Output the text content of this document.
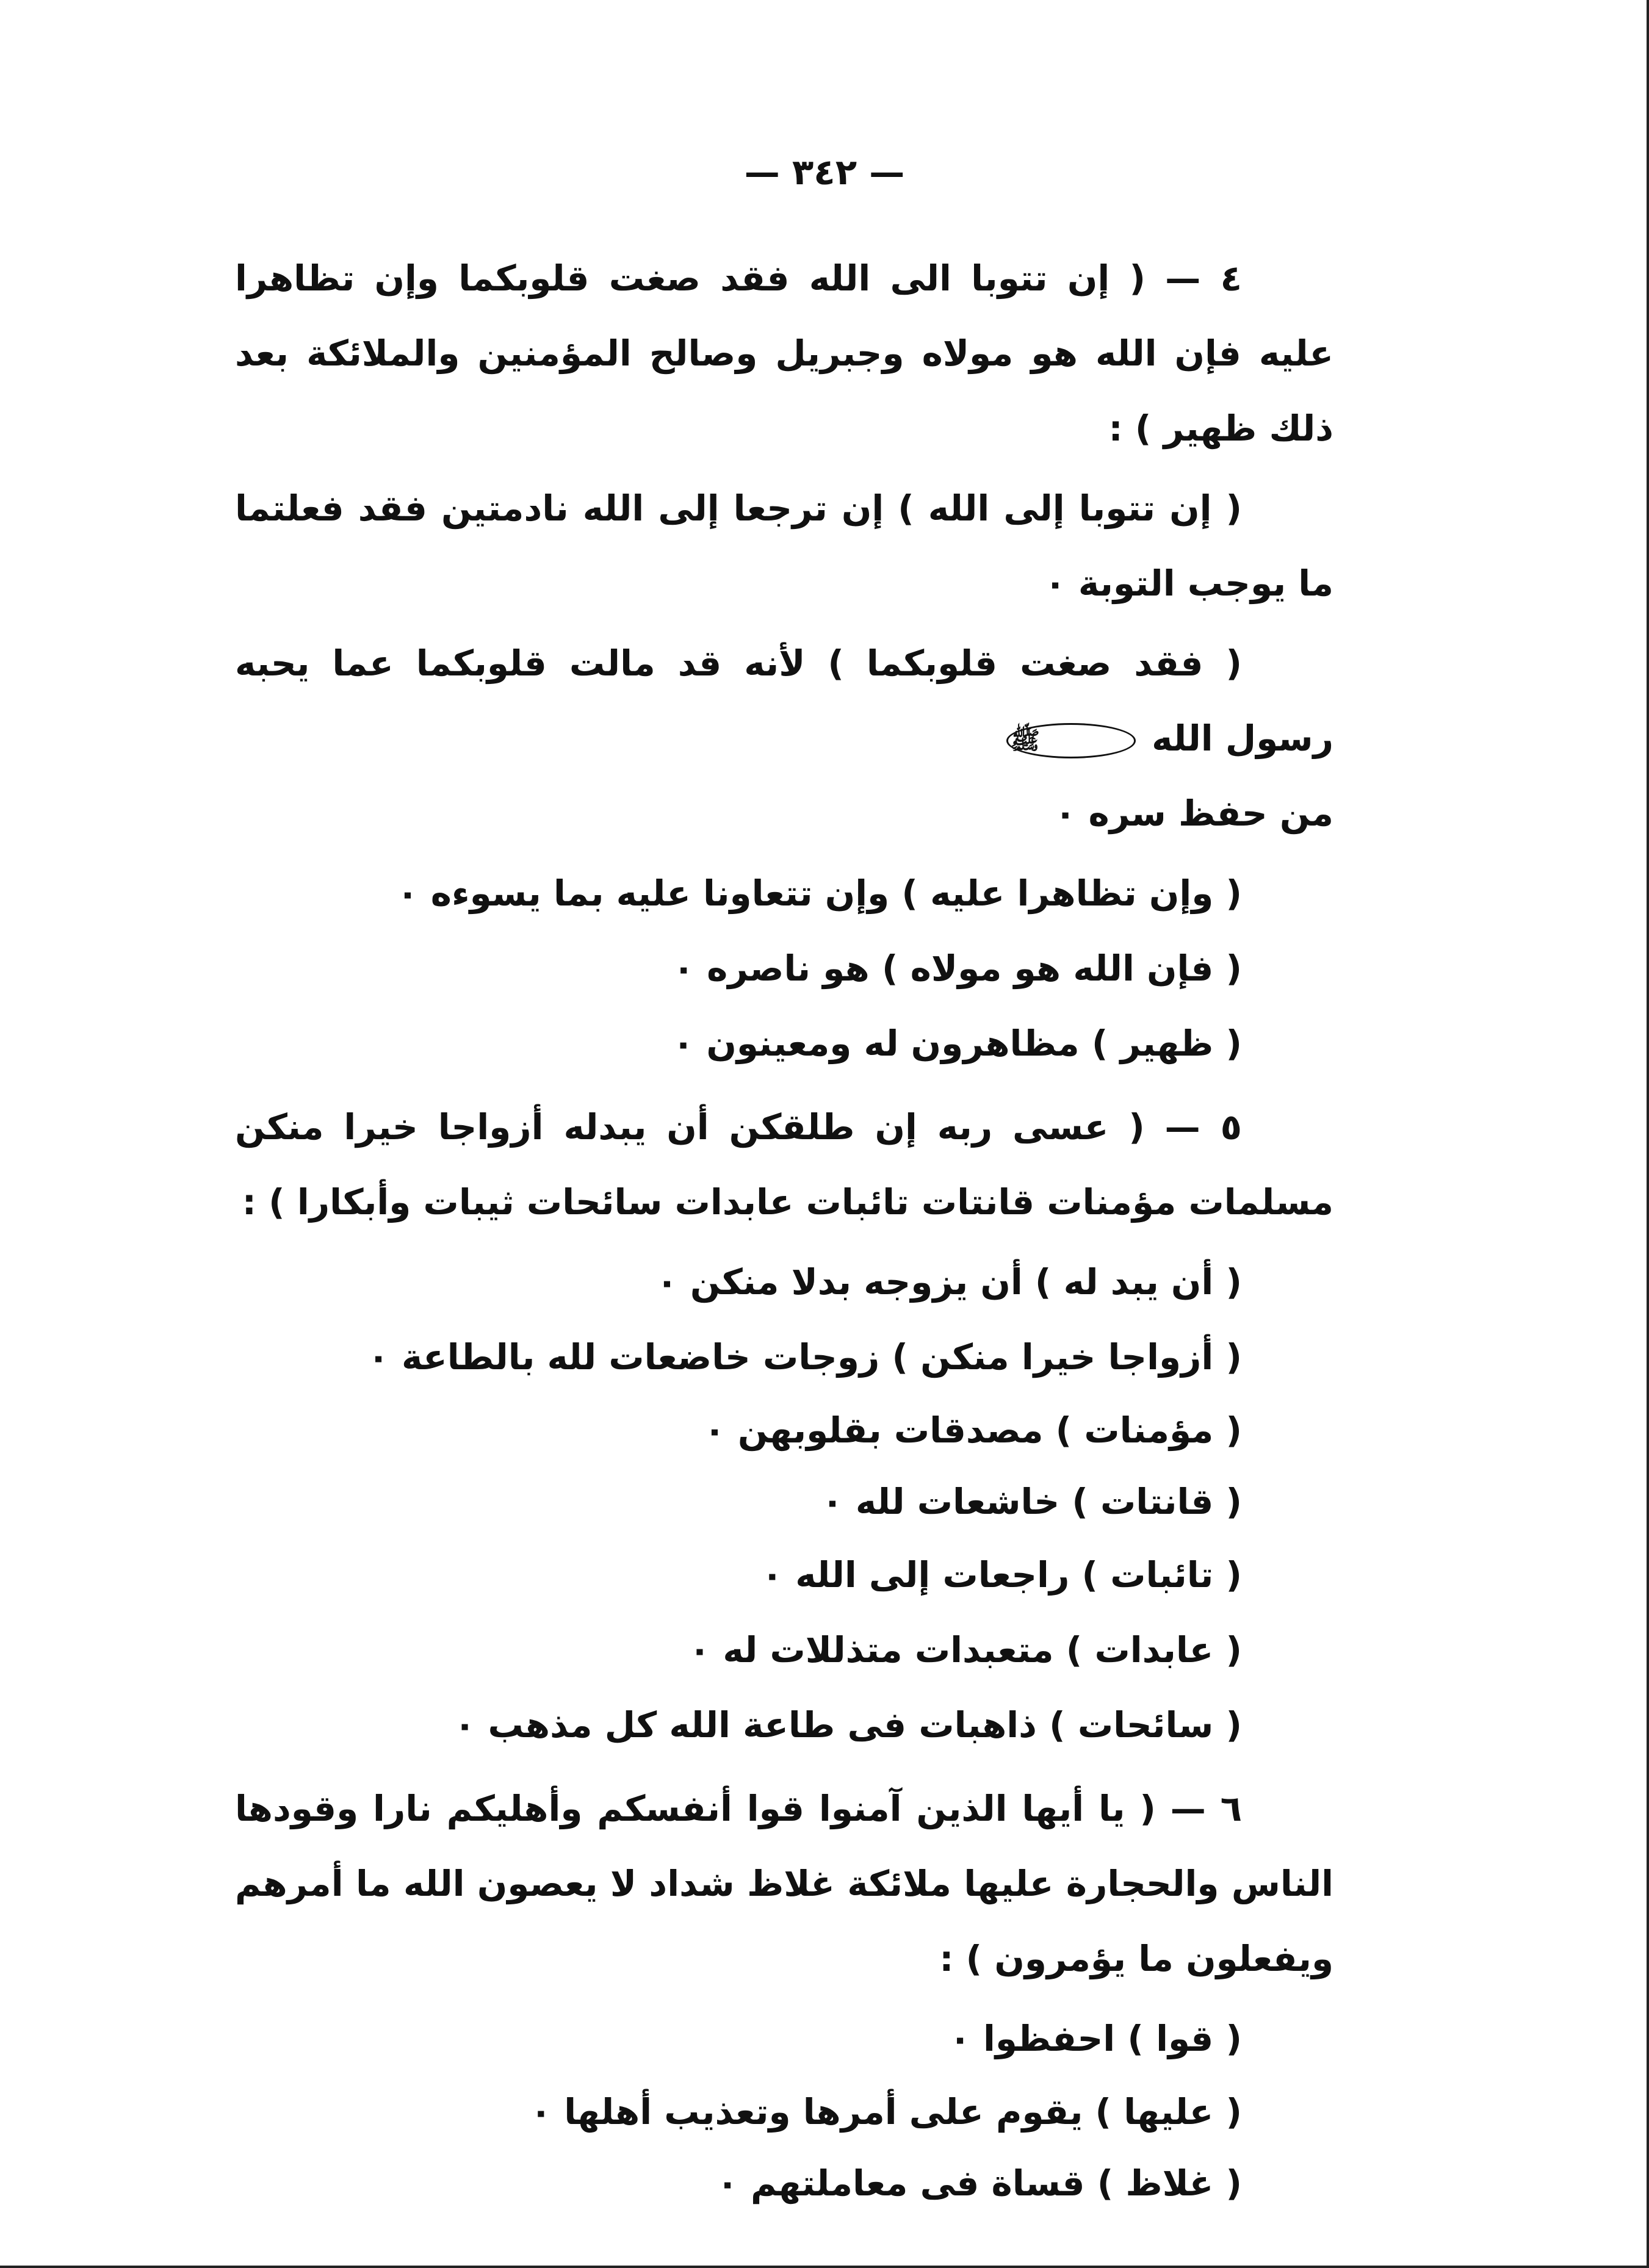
— ٣٤٢ —

٤ — ( إن تتوبا الى الله فقد صغت قلوبكما وإن تظاهرا عليه فإن الله هو مولاه وجبريل وصالح المؤمنين والملائكة بعد ذلك ظهير ) :

( إن تتوبا إلى الله ) إن ترجعا إلى الله نادمتين فقد فعلتما ما يوجب التوبة ٠

( فقد صغت قلوبكما ) لأنه قد مالت قلوبكما عما يحبه رسول الله ﷺ
من حفظ سره ٠

( وإن تظاهرا عليه ) وإن تتعاونا عليه بما يسوءه ٠

( فإن الله هو مولاه ) هو ناصره ٠

( ظهير ) مظاهرون له ومعينون ٠

٥ — ( عسى ربه إن طلقكن أن يبدله أزواجا خيرا منكن مسلمات مؤمنات قانتات تائبات عابدات سائحات ثيبات وأبكارا ) :

( أن يبد له ) أن يزوجه بدلا منكن ٠

( أزواجا خيرا منكن ) زوجات خاضعات لله بالطاعة ٠

( مؤمنات ) مصدقات بقلوبهن ٠

( قانتات ) خاشعات لله ٠

( تائبات ) راجعات إلى الله ٠

( عابدات ) متعبدات متذللات له ٠

( سائحات ) ذاهبات فى طاعة الله كل مذهب ٠

٦ — ( يا أيها الذين آمنوا قوا أنفسكم وأهليكم نارا وقودها الناس والحجارة عليها ملائكة غلاظ شداد لا يعصون الله ما أمرهم ويفعلون ما يؤمرون ) :

( قوا ) احفظوا ٠

( عليها ) يقوم على أمرها وتعذيب أهلها ٠

( غلاظ ) قساة فى معاملتهم ٠
